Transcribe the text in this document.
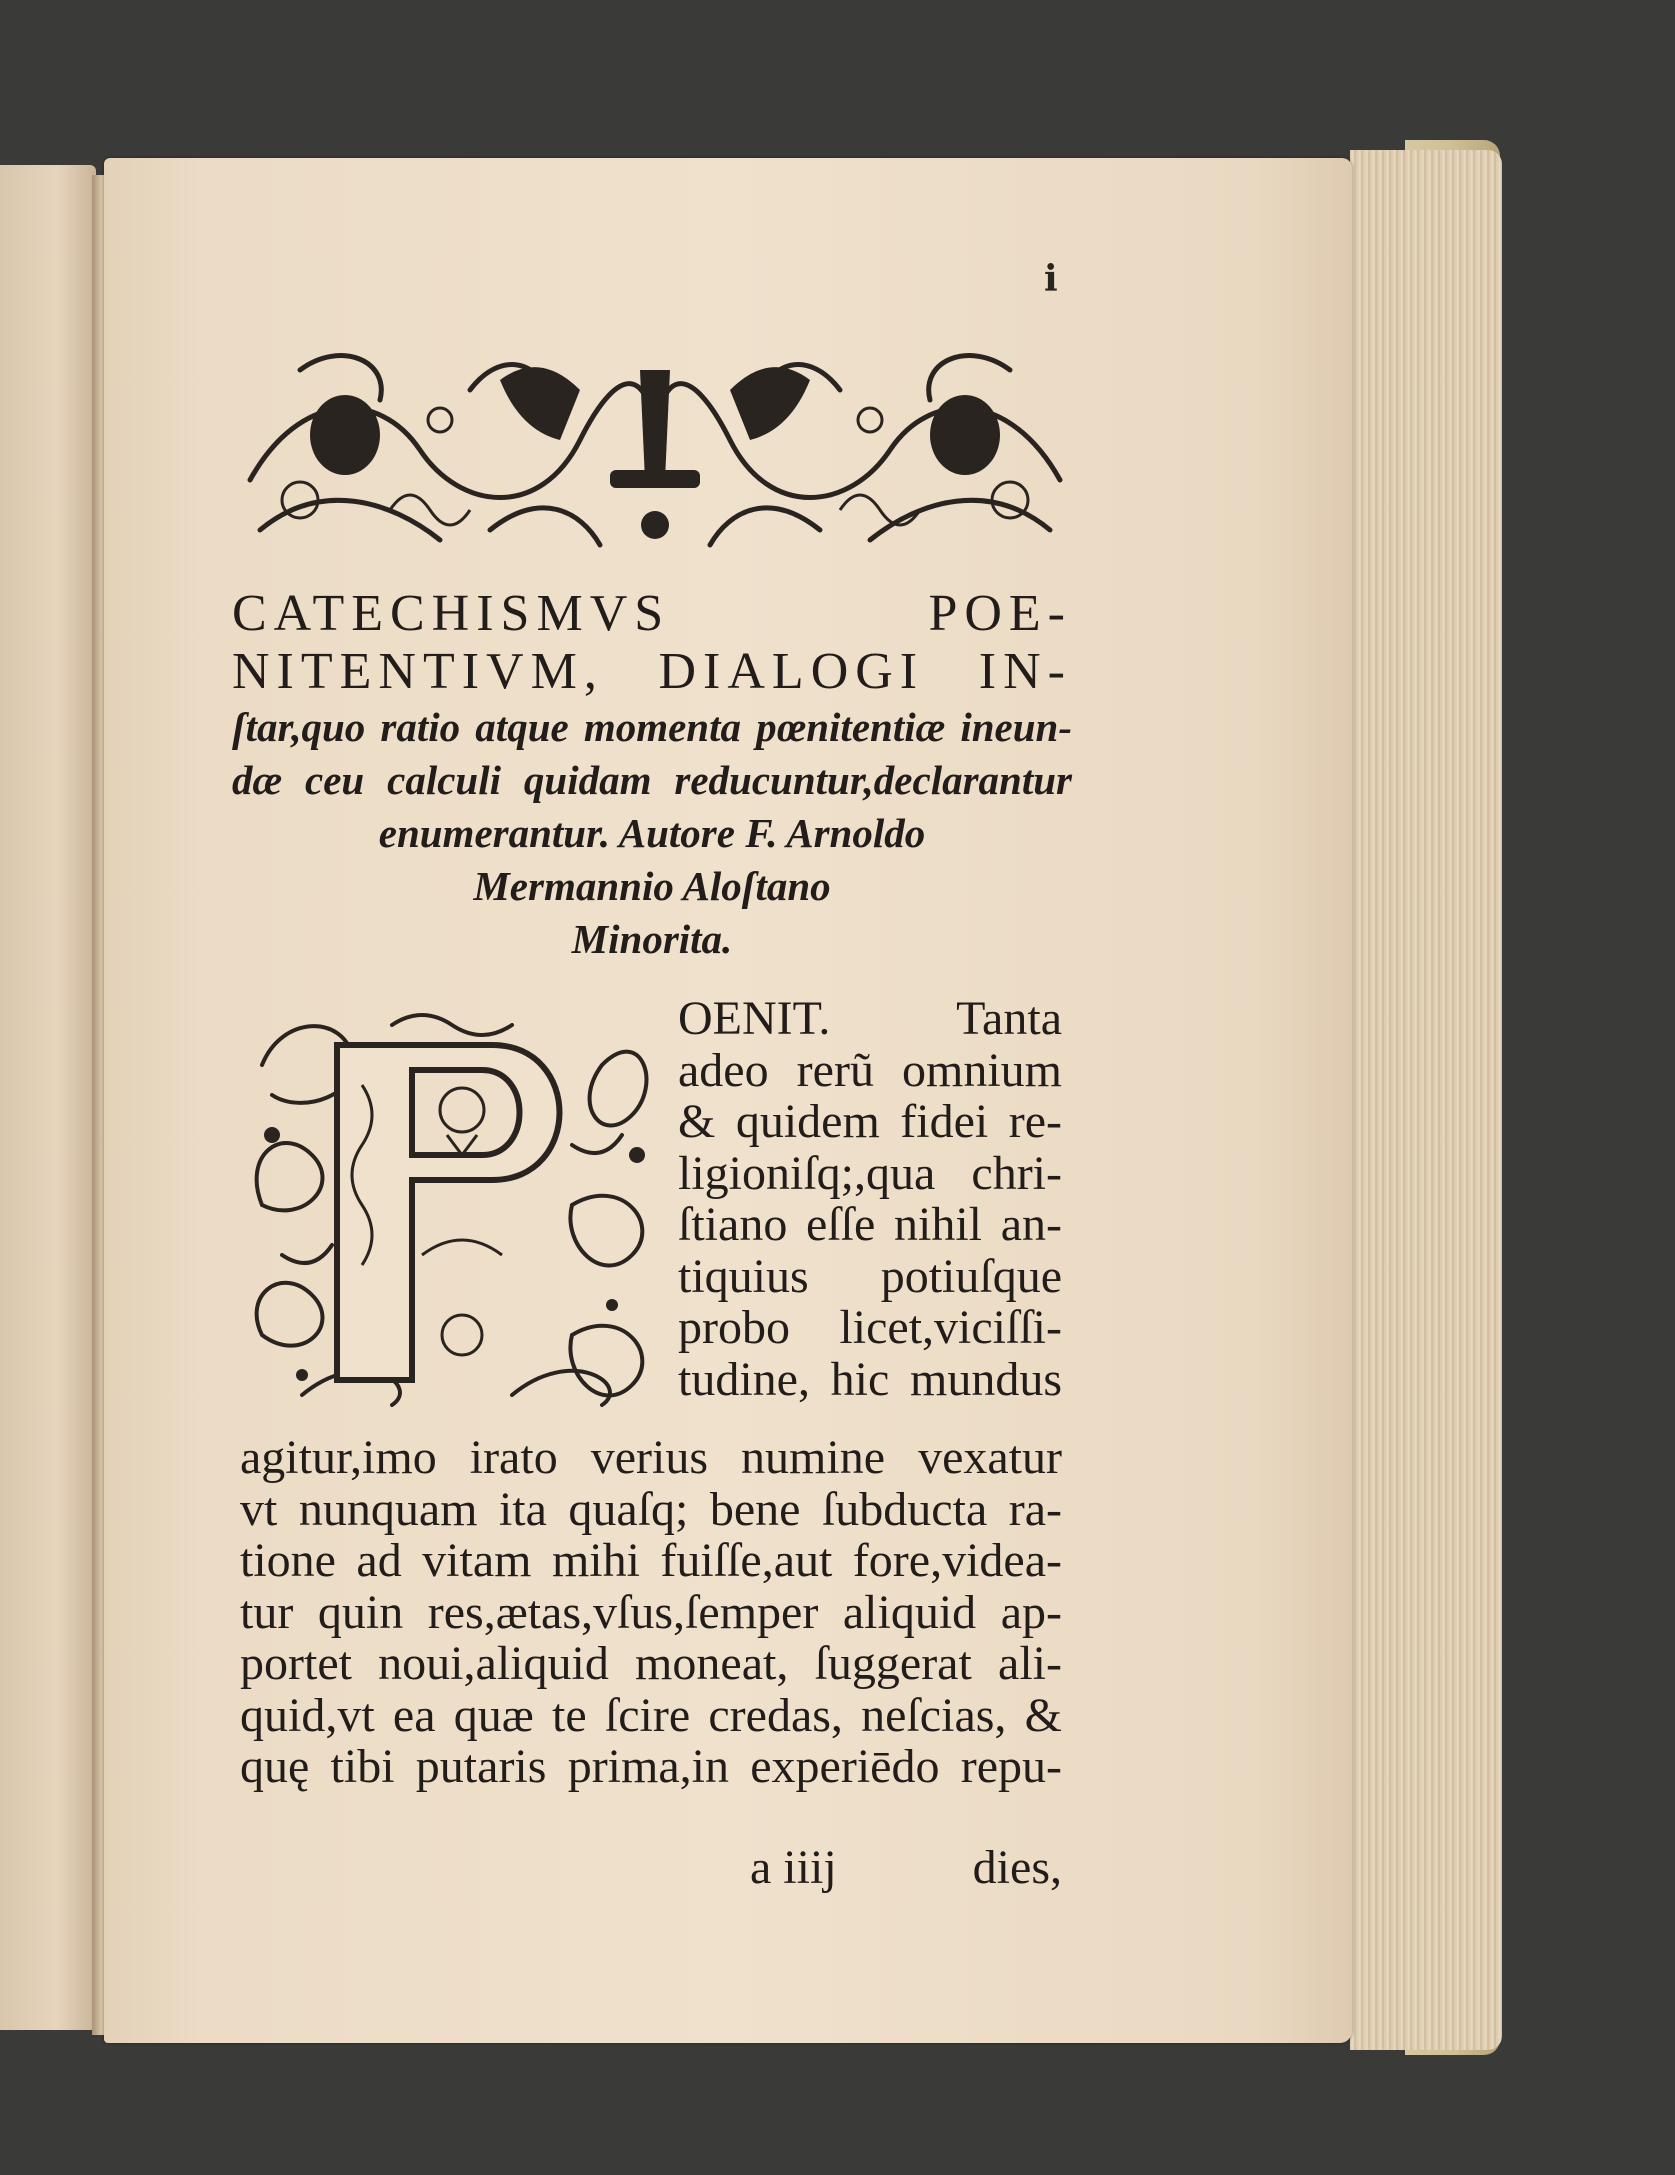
i

CATECHISMVS POE-

NITENTIVM, DIALOGI IN-

ſtar,quo ratio atque momenta pœnitentiæ ineun-

dæ ceu calculi quidam reducuntur,declarantur

enumerantur. Autore F. Arnoldo

Mermannio Aloſtano

Minorita.

OENIT. Tanta
adeo rerũ omnium
& quidem fidei re-
ligioniſq;,qua chri-
ſtiano eſſe nihil an-
tiquius potiuſque
probo licet,viciſſi-
tudine, hic mundus
agitur,imo irato verius numine vexatur
vt nunquam ita quaſq; bene ſubducta ra-
tione ad vitam mihi fuiſſe,aut fore,videa-
tur quin res,ætas,vſus,ſemper aliquid ap-
portet noui,aliquid moneat, ſuggerat ali-
quid,vt ea quæ te ſcire credas, neſcias, &
quę tibi putaris prima,in experiēdo repu-
a iiij	dies,
